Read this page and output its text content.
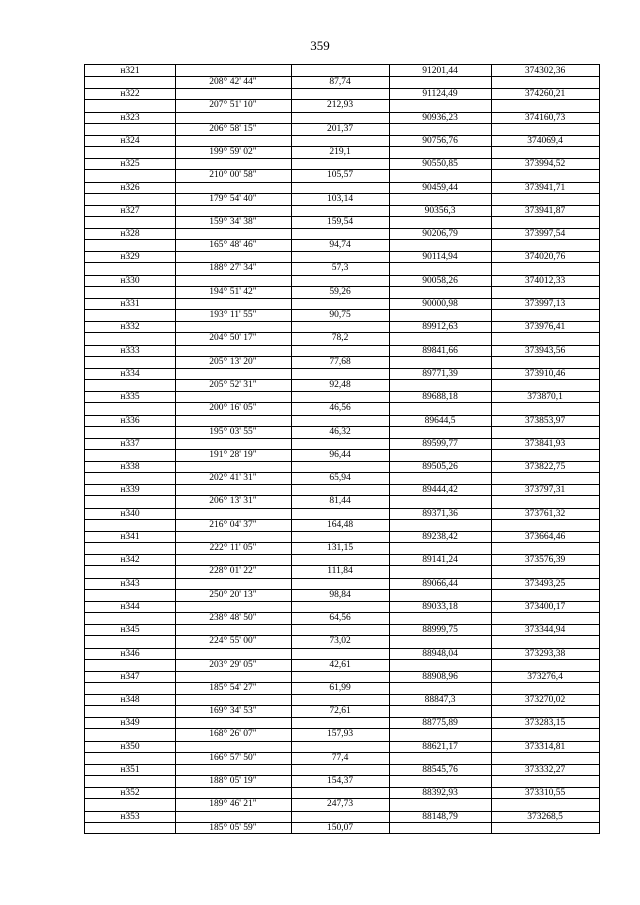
359
н321	91201,44	374302,36
208° 42' 44"	87,74
н322	91124,49	374260,21
207° 51' 10"	212,93
н323	90936,23	374160,73
206° 58' 15"	201,37
н324	90756,76	374069,4
199° 59' 02"	219,1
н325	90550,85	373994,52
210° 00' 58"	105,57
н326	90459,44	373941,71
179° 54' 40"	103,14
н327	90356,3	373941,87
159° 34' 38"	159,54
н328	90206,79	373997,54
165° 48' 46"	94,74
н329	90114,94	374020,76
188° 27' 34"	57,3
н330	90058,26	374012,33
194° 51' 42"	59,26
н331	90000,98	373997,13
193° 11' 55"	90,75
н332	89912,63	373976,41
204° 50' 17"	78,2
н333	89841,66	373943,56
205° 13' 20"	77,68
н334	89771,39	373910,46
205° 52' 31"	92,48
н335	89688,18	373870,1
200° 16' 05"	46,56
н336	89644,5	373853,97
195° 03' 55"	46,32
н337	89599,77	373841,93
191° 28' 19"	96,44
н338	89505,26	373822,75
202° 41' 31"	65,94
н339	89444,42	373797,31
206° 13' 31"	81,44
н340	89371,36	373761,32
216° 04' 37"	164,48
н341	89238,42	373664,46
222° 11' 05"	131,15
н342	89141,24	373576,39
228° 01' 22"	111,84
н343	89066,44	373493,25
250° 20' 13"	98,84
н344	89033,18	373400,17
238° 48' 50"	64,56
н345	88999,75	373344,94
224° 55' 00"	73,02
н346	88948,04	373293,38
203° 29' 05"	42,61
н347	88908,96	373276,4
185° 54' 27"	61,99
н348	88847,3	373270,02
169° 34' 53"	72,61
н349	88775,89	373283,15
168° 26' 07"	157,93
н350	88621,17	373314,81
166° 57' 50"	77,4
н351	88545,76	373332,27
188° 05' 19"	154,37
н352	88392,93	373310,55
189° 46' 21"	247,73
н353	88148,79	373268,5
185° 05' 59"	150,07
